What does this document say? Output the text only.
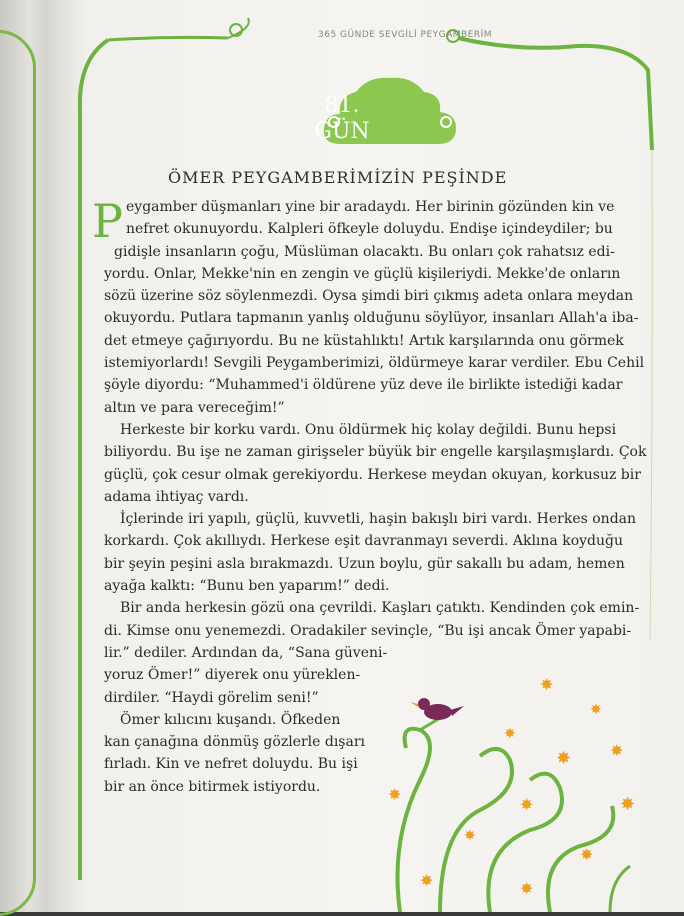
365 GÜNDE SEVGİLİ PEYGAMBERİM
81.
GÜN
ÖMER PEYGAMBERİMİZİN PEŞİNDE
P eygamber düşmanları yine bir aradaydı. Her birinin gözünden kin ve
nefret okunuyordu. Kalpleri öfkeyle doluydu. Endişe içindeydiler; bu
gidişle insanların çoğu, Müslüman olacaktı. Bu onları çok rahatsız edi-
yordu. Onlar, Mekke'nin en zengin ve güçlü kişileriydi. Mekke'de onların
sözü üzerine söz söylenmezdi. Oysa şimdi biri çıkmış adeta onlara meydan
okuyordu. Putlara tapmanın yanlış olduğunu söylüyor, insanları Allah'a iba-
det etmeye çağırıyordu. Bu ne küstahlıktı! Artık karşılarında onu görmek
istemiyorlardı! Sevgili Peygamberimizi, öldürmeye karar verdiler. Ebu Cehil
şöyle diyordu: “Muhammed'i öldürene yüz deve ile birlikte istediği kadar
altın ve para vereceğim!”
Herkeste bir korku vardı. Onu öldürmek hiç kolay değildi. Bunu hepsi
biliyordu. Bu işe ne zaman girişseler büyük bir engelle karşılaşmışlardı. Çok
güçlü, çok cesur olmak gerekiyordu. Herkese meydan okuyan, korkusuz bir
adama ihtiyaç vardı.
İçlerinde iri yapılı, güçlü, kuvvetli, haşin bakışlı biri vardı. Herkes ondan
korkardı. Çok akıllıydı. Herkese eşit davranmayı severdi. Aklına koyduğu
bir şeyin peşini asla bırakmazdı. Uzun boylu, gür sakallı bu adam, hemen
ayağa kalktı: “Bunu ben yaparım!” dedi.
Bir anda herkesin gözü ona çevrildi. Kaşları çatıktı. Kendinden çok emin-
di. Kimse onu yenemezdi. Oradakiler sevinçle, “Bu işi ancak Ömer yapabi-
lir.” dediler. Ardından da, “Sana güveni-
yoruz Ömer!” diyerek onu yüreklen-
dirdiler. “Haydi görelim seni!”
Ömer kılıcını kuşandı. Öfkeden
kan çanağına dönmüş gözlerle dışarı
fırladı. Kin ve nefret doluydu. Bu işi
bir an önce bitirmek istiyordu.
✸
✸
✸
✸ ✸
✸
✸	✸
✸
✸
✸
✸
